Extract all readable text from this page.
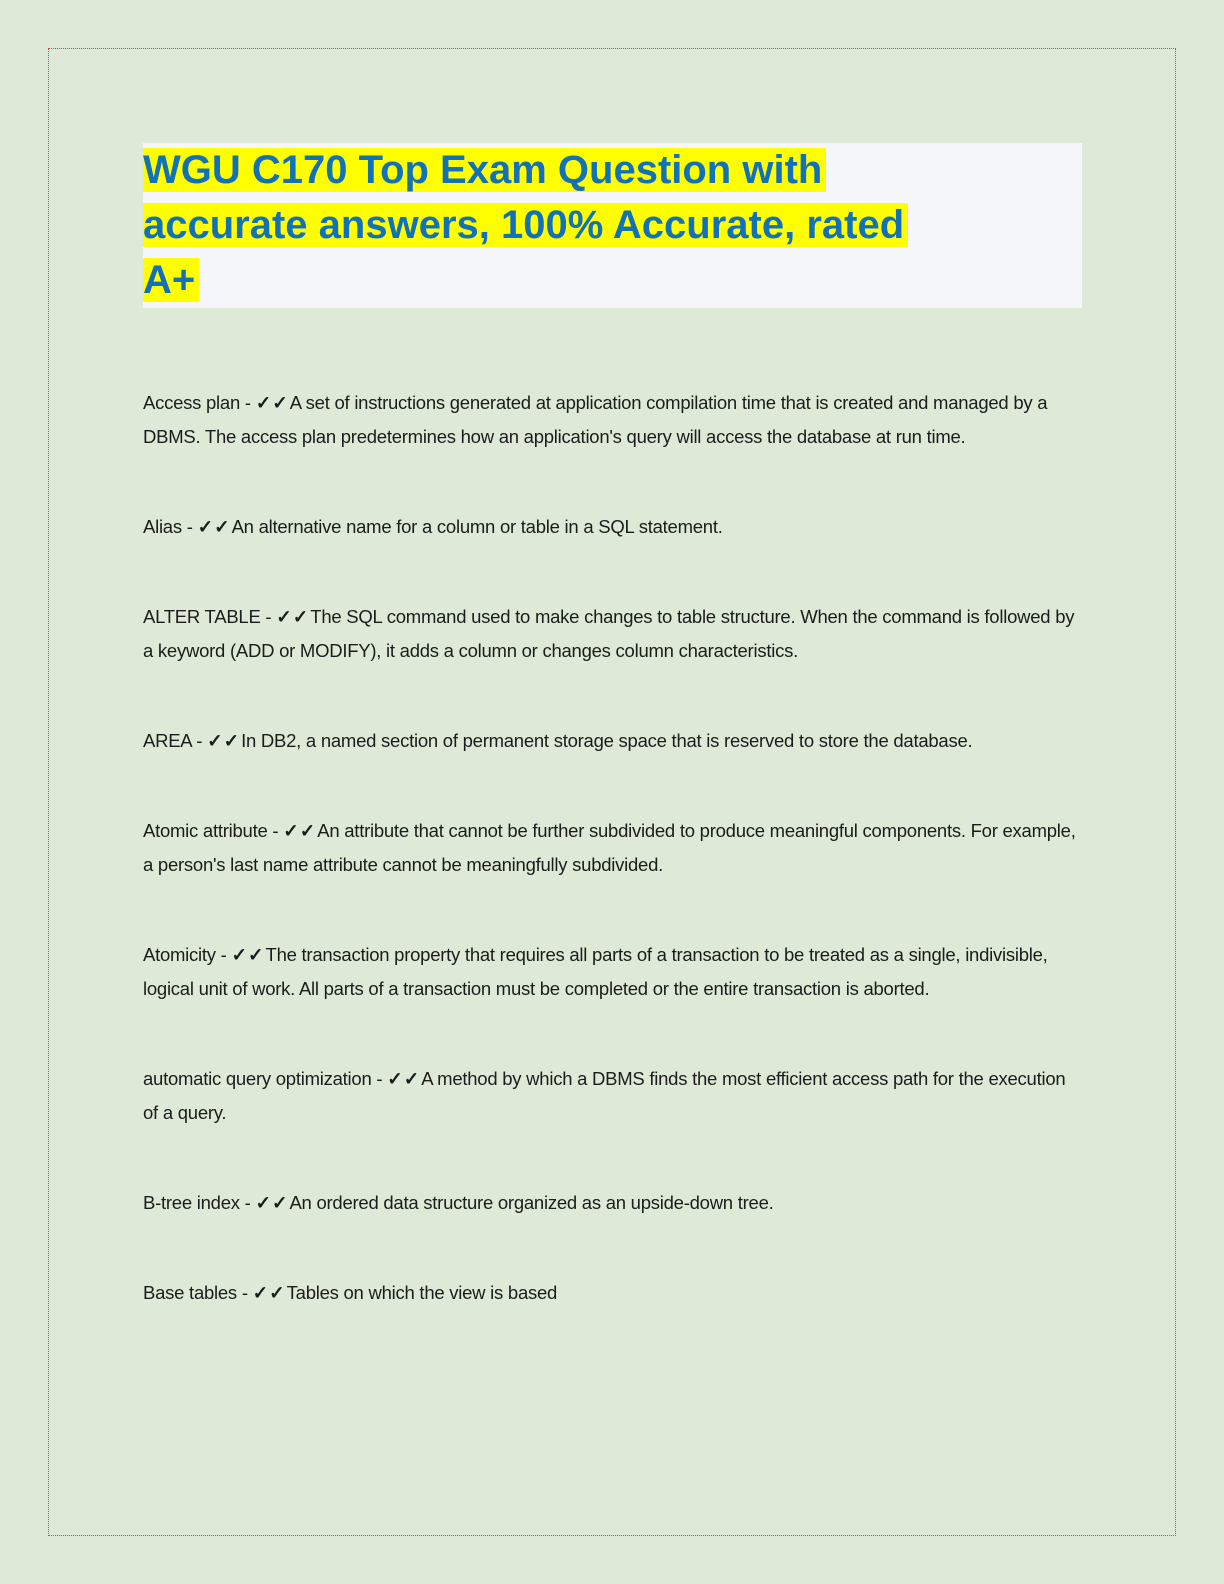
WGU C170 Top Exam Question with
accurate answers, 100% Accurate, rated
A+

Access plan - ✓✓A set of instructions generated at application compilation time that is created and managed by a DBMS. The access plan predetermines how an application's query will access the database at run time.

Alias - ✓✓An alternative name for a column or table in a SQL statement.

ALTER TABLE - ✓✓The SQL command used to make changes to table structure. When the command is followed by a keyword (ADD or MODIFY), it adds a column or changes column characteristics.

AREA - ✓✓In DB2, a named section of permanent storage space that is reserved to store the database.

Atomic attribute - ✓✓An attribute that cannot be further subdivided to produce meaningful components. For example, a person's last name attribute cannot be meaningfully subdivided.

Atomicity - ✓✓The transaction property that requires all parts of a transaction to be treated as a single, indivisible, logical unit of work. All parts of a transaction must be completed or the entire transaction is aborted.

automatic query optimization - ✓✓A method by which a DBMS finds the most efficient access path for the execution of a query.

B-tree index - ✓✓An ordered data structure organized as an upside-down tree.

Base tables - ✓✓Tables on which the view is based
